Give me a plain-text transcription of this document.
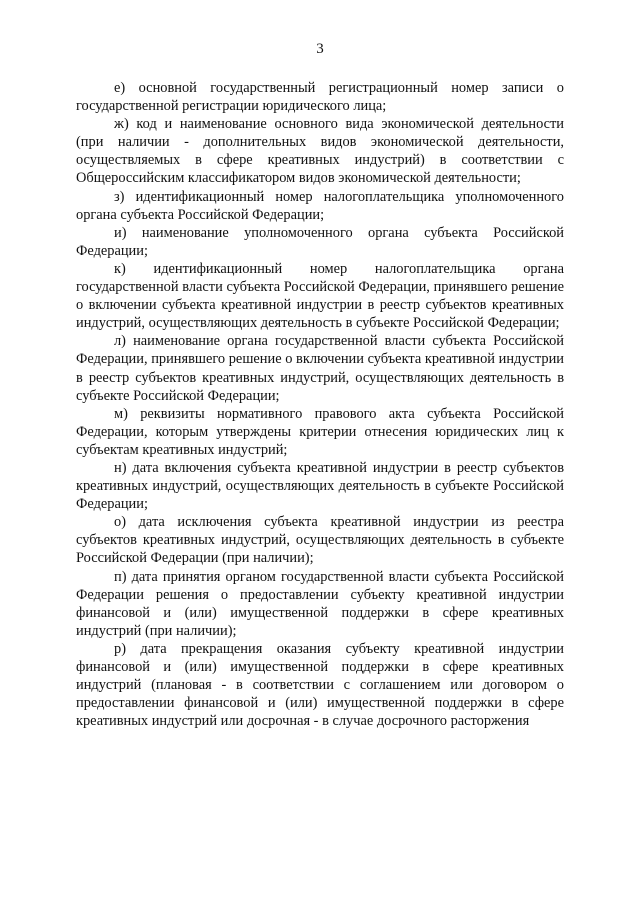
3

е) основной государственный регистрационный номер записи о государственной регистрации юридического лица;

ж) код и наименование основного вида экономической деятельности (при наличии - дополнительных видов экономической деятельности, осуществляемых в сфере креативных индустрий) в соответствии с Общероссийским классификатором видов экономической деятельности;

з) идентификационный номер налогоплательщика уполномоченного органа субъекта Российской Федерации;

и) наименование уполномоченного органа субъекта Российской Федерации;

к) идентификационный номер налогоплательщика органа государственной власти субъекта Российской Федерации, принявшего решение о включении субъекта креативной индустрии в реестр субъектов креативных индустрий, осуществляющих деятельность в субъекте Российской Федерации;

л) наименование органа государственной власти субъекта Российской Федерации, принявшего решение о включении субъекта креативной индустрии в реестр субъектов креативных индустрий, осуществляющих деятельность в субъекте Российской Федерации;

м) реквизиты нормативного правового акта субъекта Российской Федерации, которым утверждены критерии отнесения юридических лиц к субъектам креативных индустрий;

н) дата включения субъекта креативной индустрии в реестр субъектов креативных индустрий, осуществляющих деятельность в субъекте Российской Федерации;

о) дата исключения субъекта креативной индустрии из реестра субъектов креативных индустрий, осуществляющих деятельность в субъекте Российской Федерации (при наличии);

п) дата принятия органом государственной власти субъекта Российской Федерации решения о предоставлении субъекту креативной индустрии финансовой и (или) имущественной поддержки в сфере креативных индустрий (при наличии);

р) дата прекращения оказания субъекту креативной индустрии финансовой и (или) имущественной поддержки в сфере креативных индустрий (плановая - в соответствии с соглашением или договором о предоставлении финансовой и (или) имущественной поддержки в сфере креативных индустрий или досрочная - в случае досрочного расторжения
